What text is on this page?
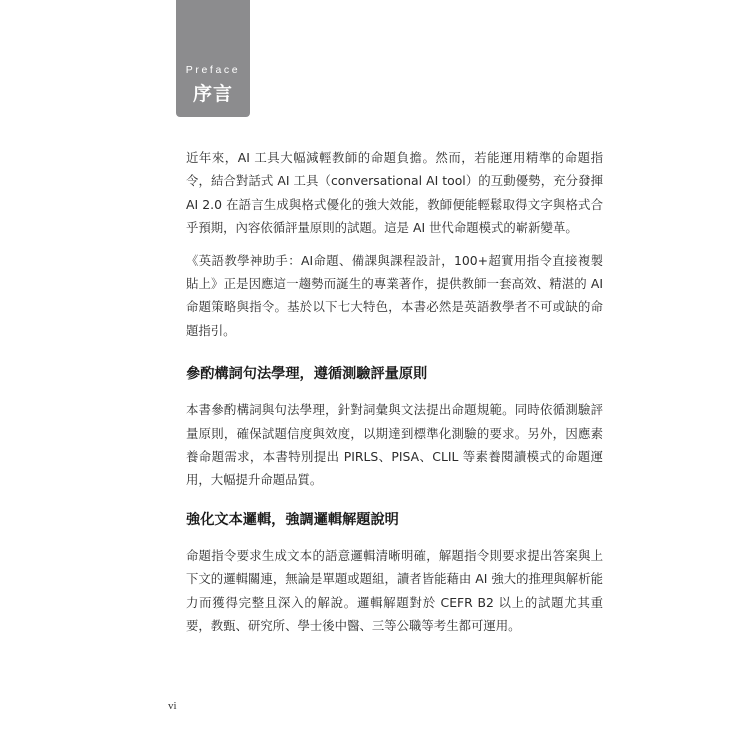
Preface
序言

近年來，AI 工具大幅減輕教師的命題負擔。然而，若能運用精準的命題指令，結合對話式 AI 工具（conversational AI tool）的互動優勢，充分發揮 AI 2.0 在語言生成與格式優化的強大效能，教師便能輕鬆取得文字與格式合乎預期，內容依循評量原則的試題。這是 AI 世代命題模式的嶄新變革。

《英語教學神助手：AI命題、備課與課程設計，100+超實用指令直接複製貼上》正是因應這一趨勢而誕生的專業著作，提供教師一套高效、精湛的 AI 命題策略與指令。基於以下七大特色，本書必然是英語教學者不可或缺的命題指引。

參酌構詞句法學理，遵循測驗評量原則

本書參酌構詞與句法學理，針對詞彙與文法提出命題規範。同時依循測驗評量原則，確保試題信度與效度，以期達到標準化測驗的要求。另外，因應素養命題需求，本書特別提出 PIRLS、PISA、CLIL 等素養閱讀模式的命題運用，大幅提升命題品質。

強化文本邏輯，強調邏輯解題說明

命題指令要求生成文本的語意邏輯清晰明確，解題指令則要求提出答案與上下文的邏輯關連，無論是單題或題組，讀者皆能藉由 AI 強大的推理與解析能力而獲得完整且深入的解說。邏輯解題對於 CEFR B2 以上的試題尤其重要，教甄、研究所、學士後中醫、三等公職等考生都可運用。

vi
